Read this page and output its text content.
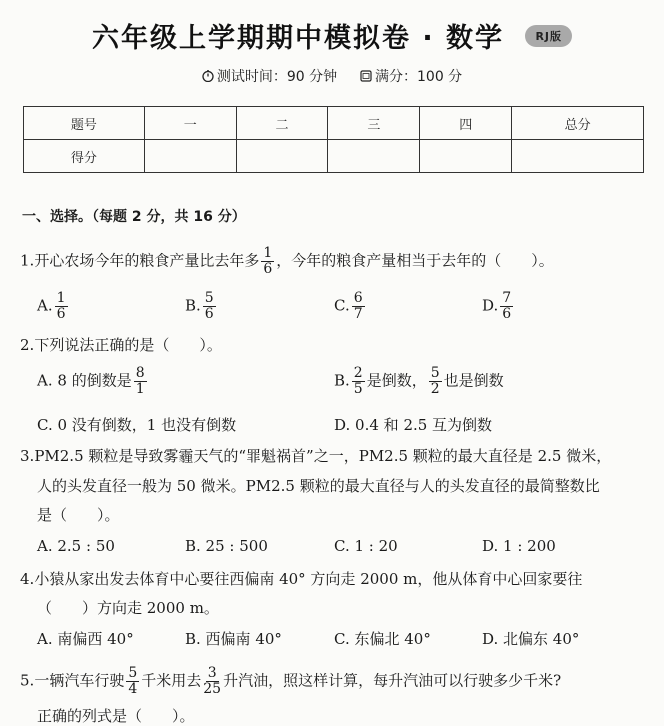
六年级上学期期中模拟卷 · 数学	RJ版
测试时间：90 分钟	满分：100 分
题号	一	二	三	四	总分
得分					
一、选择。（每题 2 分，共 16 分）
1.开心农场今年的粮食产量比去年多 $\frac{1}{6}$ ，今年的粮食产量相当于去年的（　　）。
A. $\frac{1}{6}$	B. $\frac{5}{6}$	C. $\frac{6}{7}$	D. $\frac{7}{6}$
2.下列说法正确的是（　　）。
A. 8 的倒数是 $\frac{8}{1}$	B. $\frac{2}{5}$ 是倒数， $\frac{5}{2}$ 也是倒数
C. 0 没有倒数，1 也没有倒数	D. 0.4 和 2.5 互为倒数
3.PM2.5 颗粒是导致雾霾天气的“罪魁祸首”之一，PM2.5 颗粒的最大直径是 2.5 微米，
人的头发直径一般为 50 微米。PM2.5 颗粒的最大直径与人的头发直径的最简整数比
是（　　）。
A. 2.5 : 50	B. 25 : 500	C. 1 : 20	D. 1 : 200
4.小猿从家出发去体育中心要往西偏南 40° 方向走 2000 m，他从体育中心回家要往
（　　）方向走 2000 m。
A. 南偏西 40°	B. 西偏南 40°	C. 东偏北 40°	D. 北偏东 40°
5.一辆汽车行驶 $\frac{5}{4}$ 千米用去 $\frac{3}{25}$ 升汽油，照这样计算，每升汽油可以行驶多少千米?
正确的列式是（　　）。
